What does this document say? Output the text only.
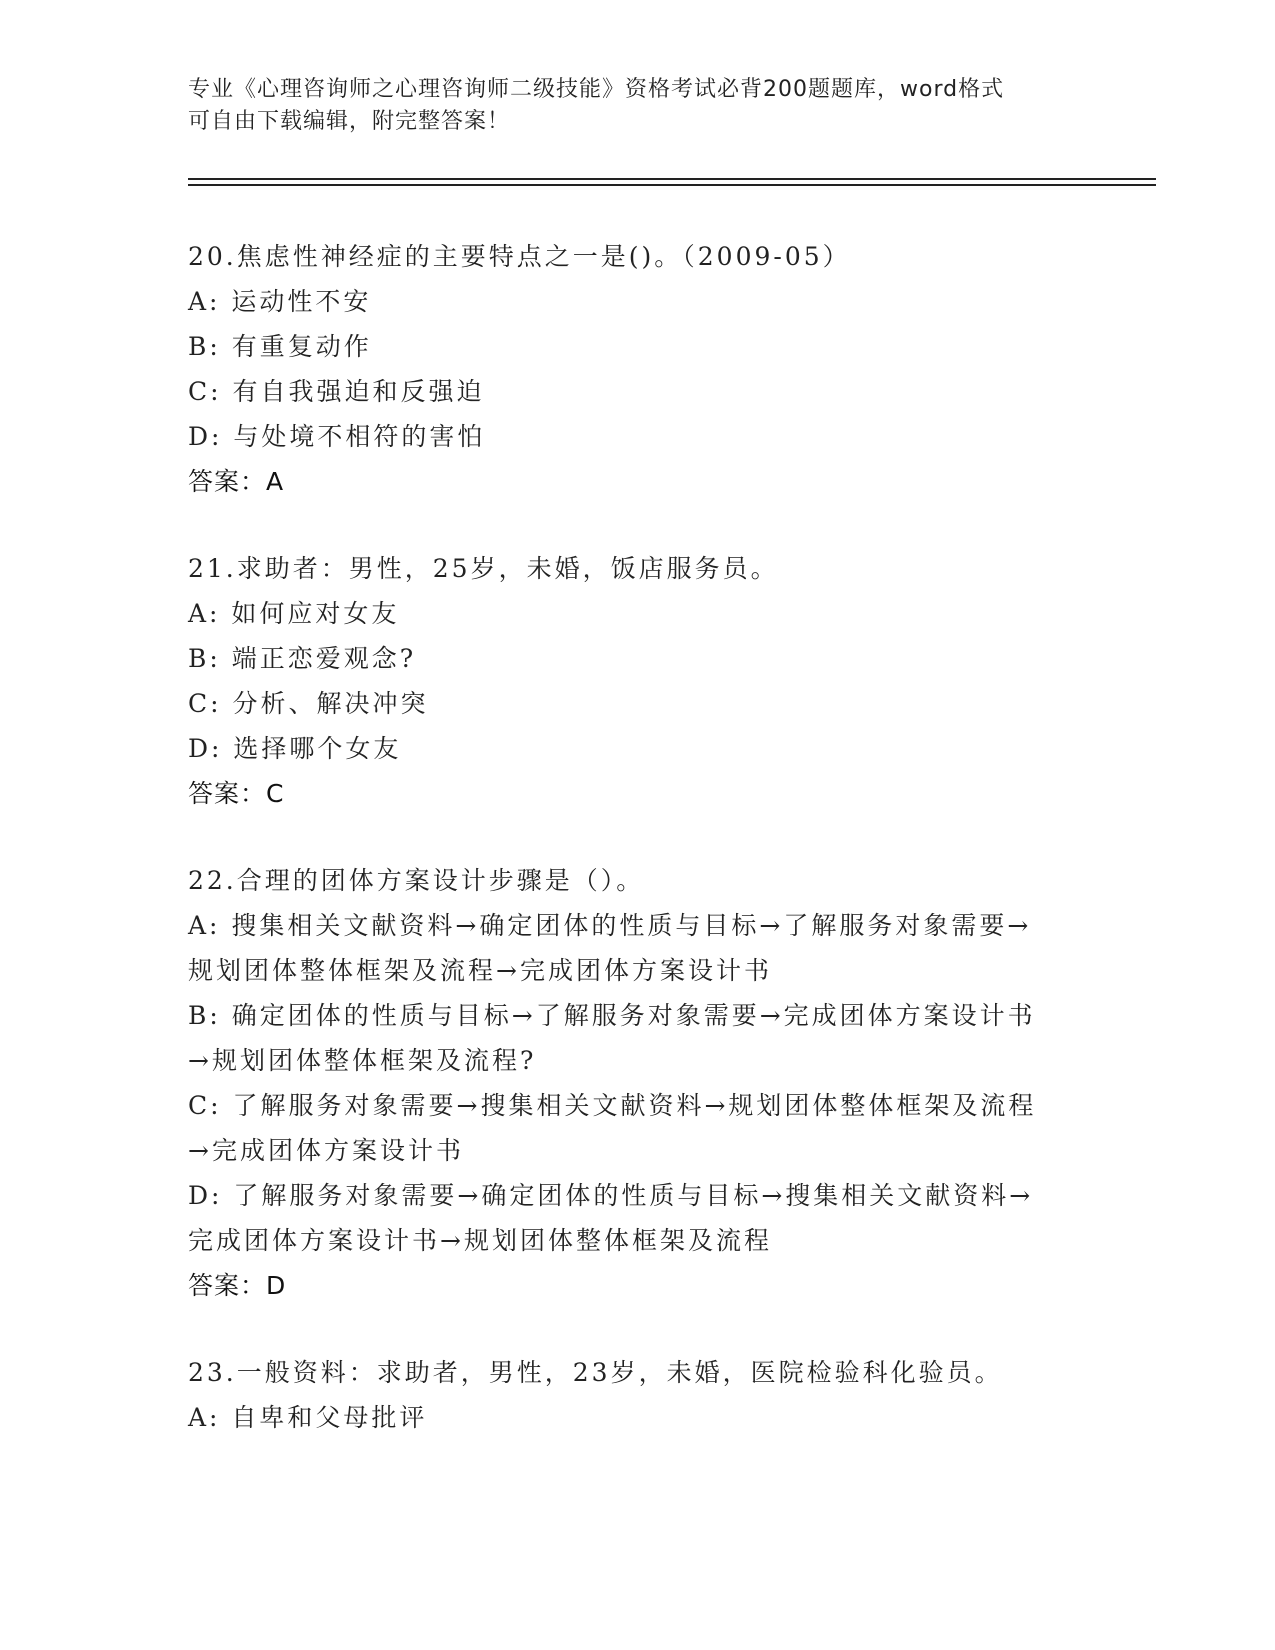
专业《心理咨询师之心理咨询师二级技能》资格考试必背200题题库，word格式
可自由下载编辑，附完整答案！
20.焦虑性神经症的主要特点之一是()。（2009-05）
A: 运动性不安
B: 有重复动作
C: 有自我强迫和反强迫
D: 与处境不相符的害怕
答案：A
21.求助者：男性，25岁，未婚，饭店服务员。
A: 如何应对女友
B: 端正恋爱观念?
C: 分析、解决冲突
D: 选择哪个女友
答案：C
22.合理的团体方案设计步骤是（）。
A: 搜集相关文献资料→确定团体的性质与目标→了解服务对象需要→
规划团体整体框架及流程→完成团体方案设计书
B: 确定团体的性质与目标→了解服务对象需要→完成团体方案设计书
→规划团体整体框架及流程?
C: 了解服务对象需要→搜集相关文献资料→规划团体整体框架及流程
→完成团体方案设计书
D: 了解服务对象需要→确定团体的性质与目标→搜集相关文献资料→
完成团体方案设计书→规划团体整体框架及流程
答案：D
23.一般资料：求助者，男性，23岁，未婚，医院检验科化验员。
A: 自卑和父母批评
